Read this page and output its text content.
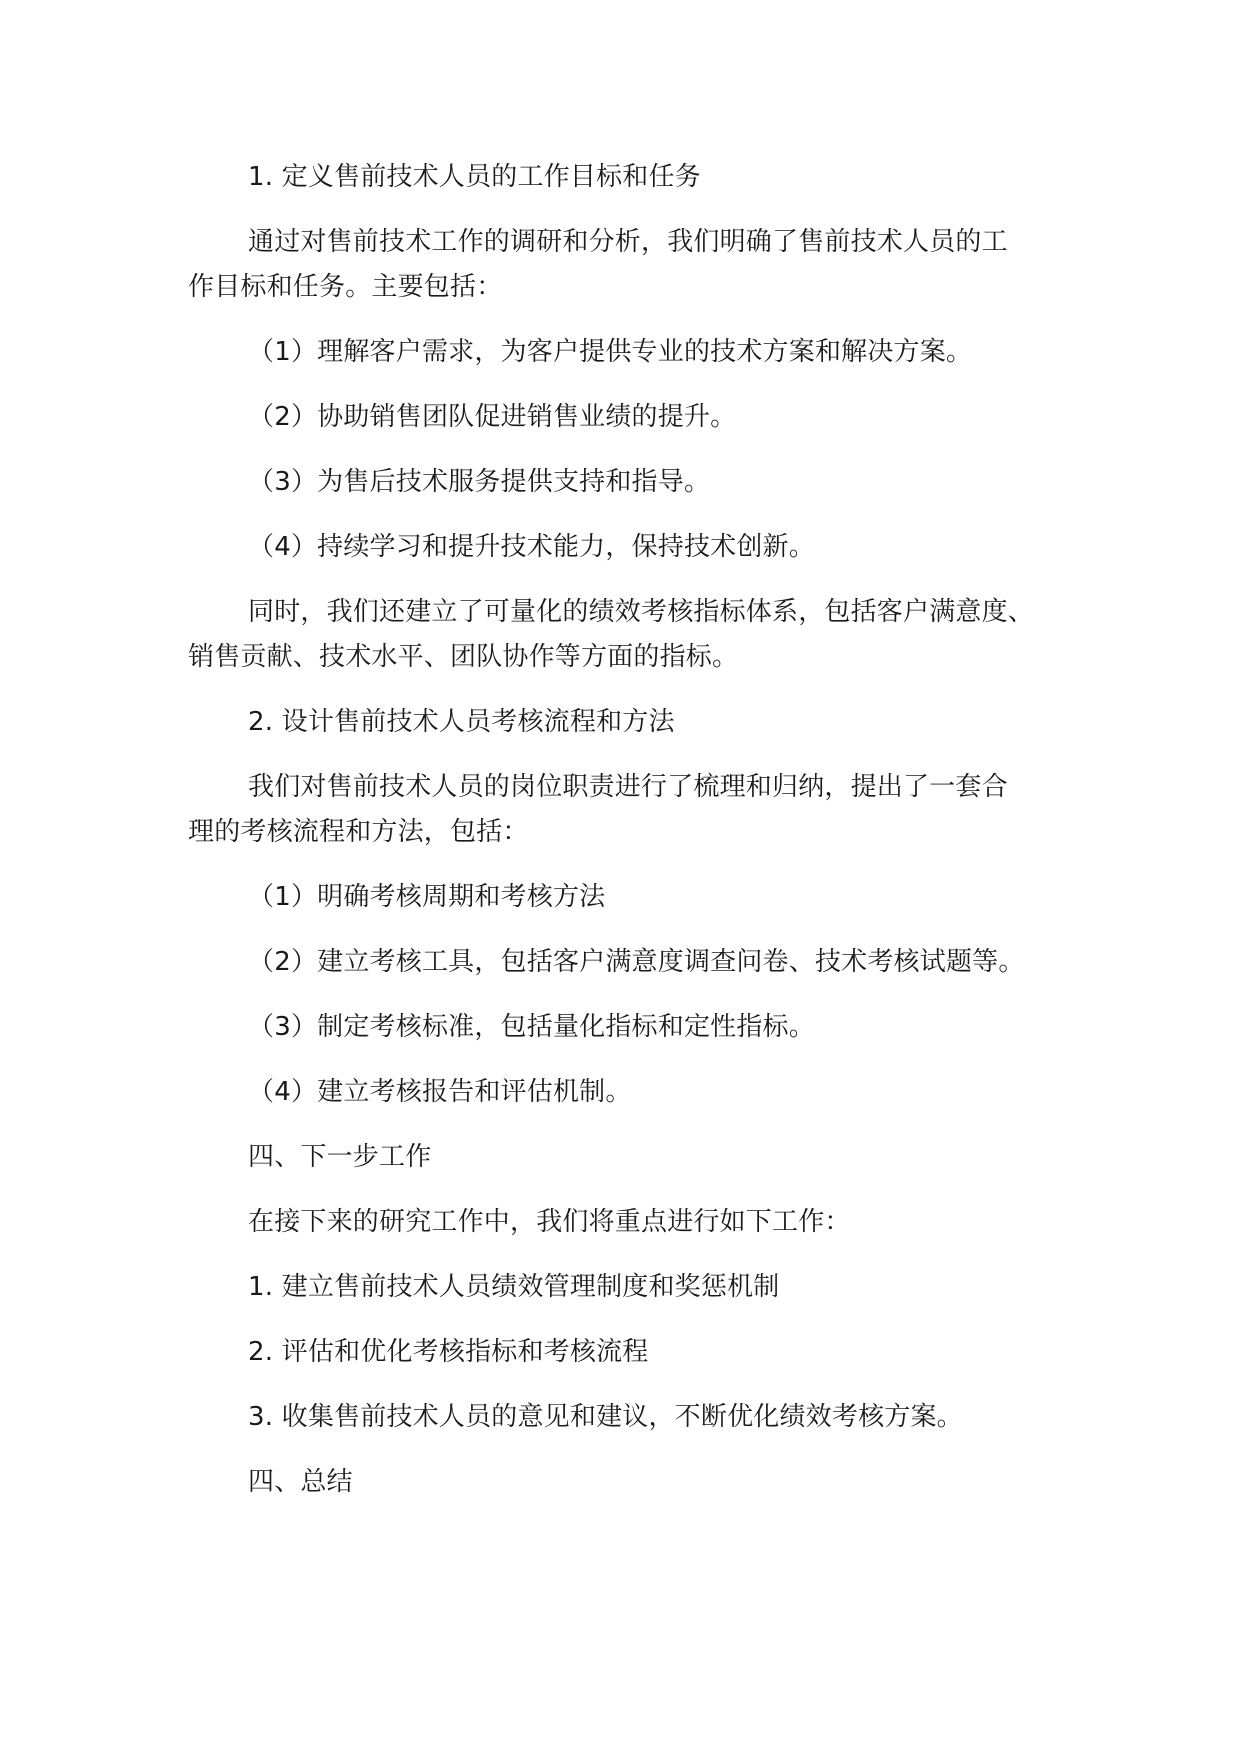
1. 定义售前技术人员的工作目标和任务
通过对售前技术工作的调研和分析，我们明确了售前技术人员的工
作目标和任务。主要包括：
（1）理解客户需求，为客户提供专业的技术方案和解决方案。
（2）协助销售团队促进销售业绩的提升。
（3）为售后技术服务提供支持和指导。
（4）持续学习和提升技术能力，保持技术创新。
同时，我们还建立了可量化的绩效考核指标体系，包括客户满意度、
销售贡献、技术水平、团队协作等方面的指标。
2. 设计售前技术人员考核流程和方法
我们对售前技术人员的岗位职责进行了梳理和归纳，提出了一套合
理的考核流程和方法，包括：
（1）明确考核周期和考核方法
（2）建立考核工具，包括客户满意度调查问卷、技术考核试题等。
（3）制定考核标准，包括量化指标和定性指标。
（4）建立考核报告和评估机制。
四、下一步工作
在接下来的研究工作中，我们将重点进行如下工作：
1. 建立售前技术人员绩效管理制度和奖惩机制
2. 评估和优化考核指标和考核流程
3. 收集售前技术人员的意见和建议，不断优化绩效考核方案。
四、总结
